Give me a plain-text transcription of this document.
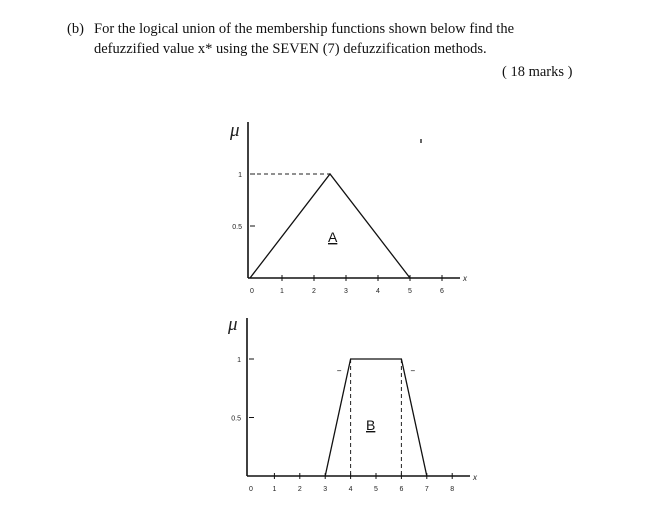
(b) For the logical union of the membership functions shown below find the
defuzzified value x* using the SEVEN (7) defuzzification methods.
( 18 marks )
μ
x
0.5
1
0	1	2	3	4	5	6
A
μ
x
0.5
1
0	1	2	3	4	5	6	7	8
B
